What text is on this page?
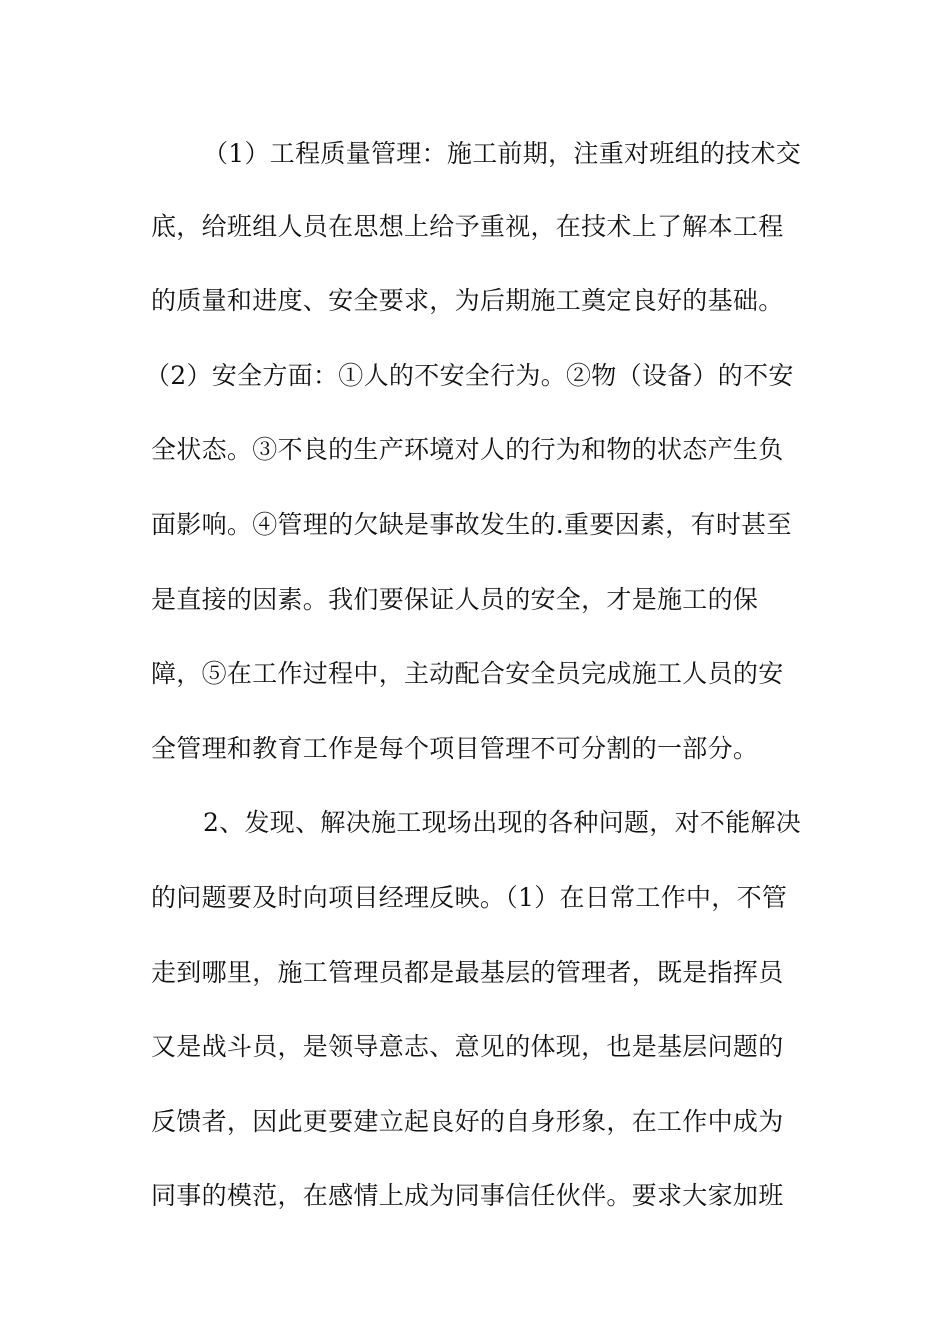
（1）工程质量管理：施工前期，注重对班组的技术交
底，给班组人员在思想上给予重视，在技术上了解本工程
的质量和进度、安全要求，为后期施工奠定良好的基础。
（2）安全方面：①人的不安全行为。②物（设备）的不安
全状态。③不良的生产环境对人的行为和物的状态产生负
面影响。④管理的欠缺是事故发生的.重要因素，有时甚至
是直接的因素。我们要保证人员的安全，才是施工的保
障，⑤在工作过程中，主动配合安全员完成施工人员的安
全管理和教育工作是每个项目管理不可分割的一部分。
2、发现、解决施工现场出现的各种问题，对不能解决
的问题要及时向项目经理反映。（1）在日常工作中，不管
走到哪里，施工管理员都是最基层的管理者，既是指挥员
又是战斗员，是领导意志、意见的体现，也是基层问题的
反馈者，因此更要建立起良好的自身形象，在工作中成为
同事的模范，在感情上成为同事信任伙伴。要求大家加班
